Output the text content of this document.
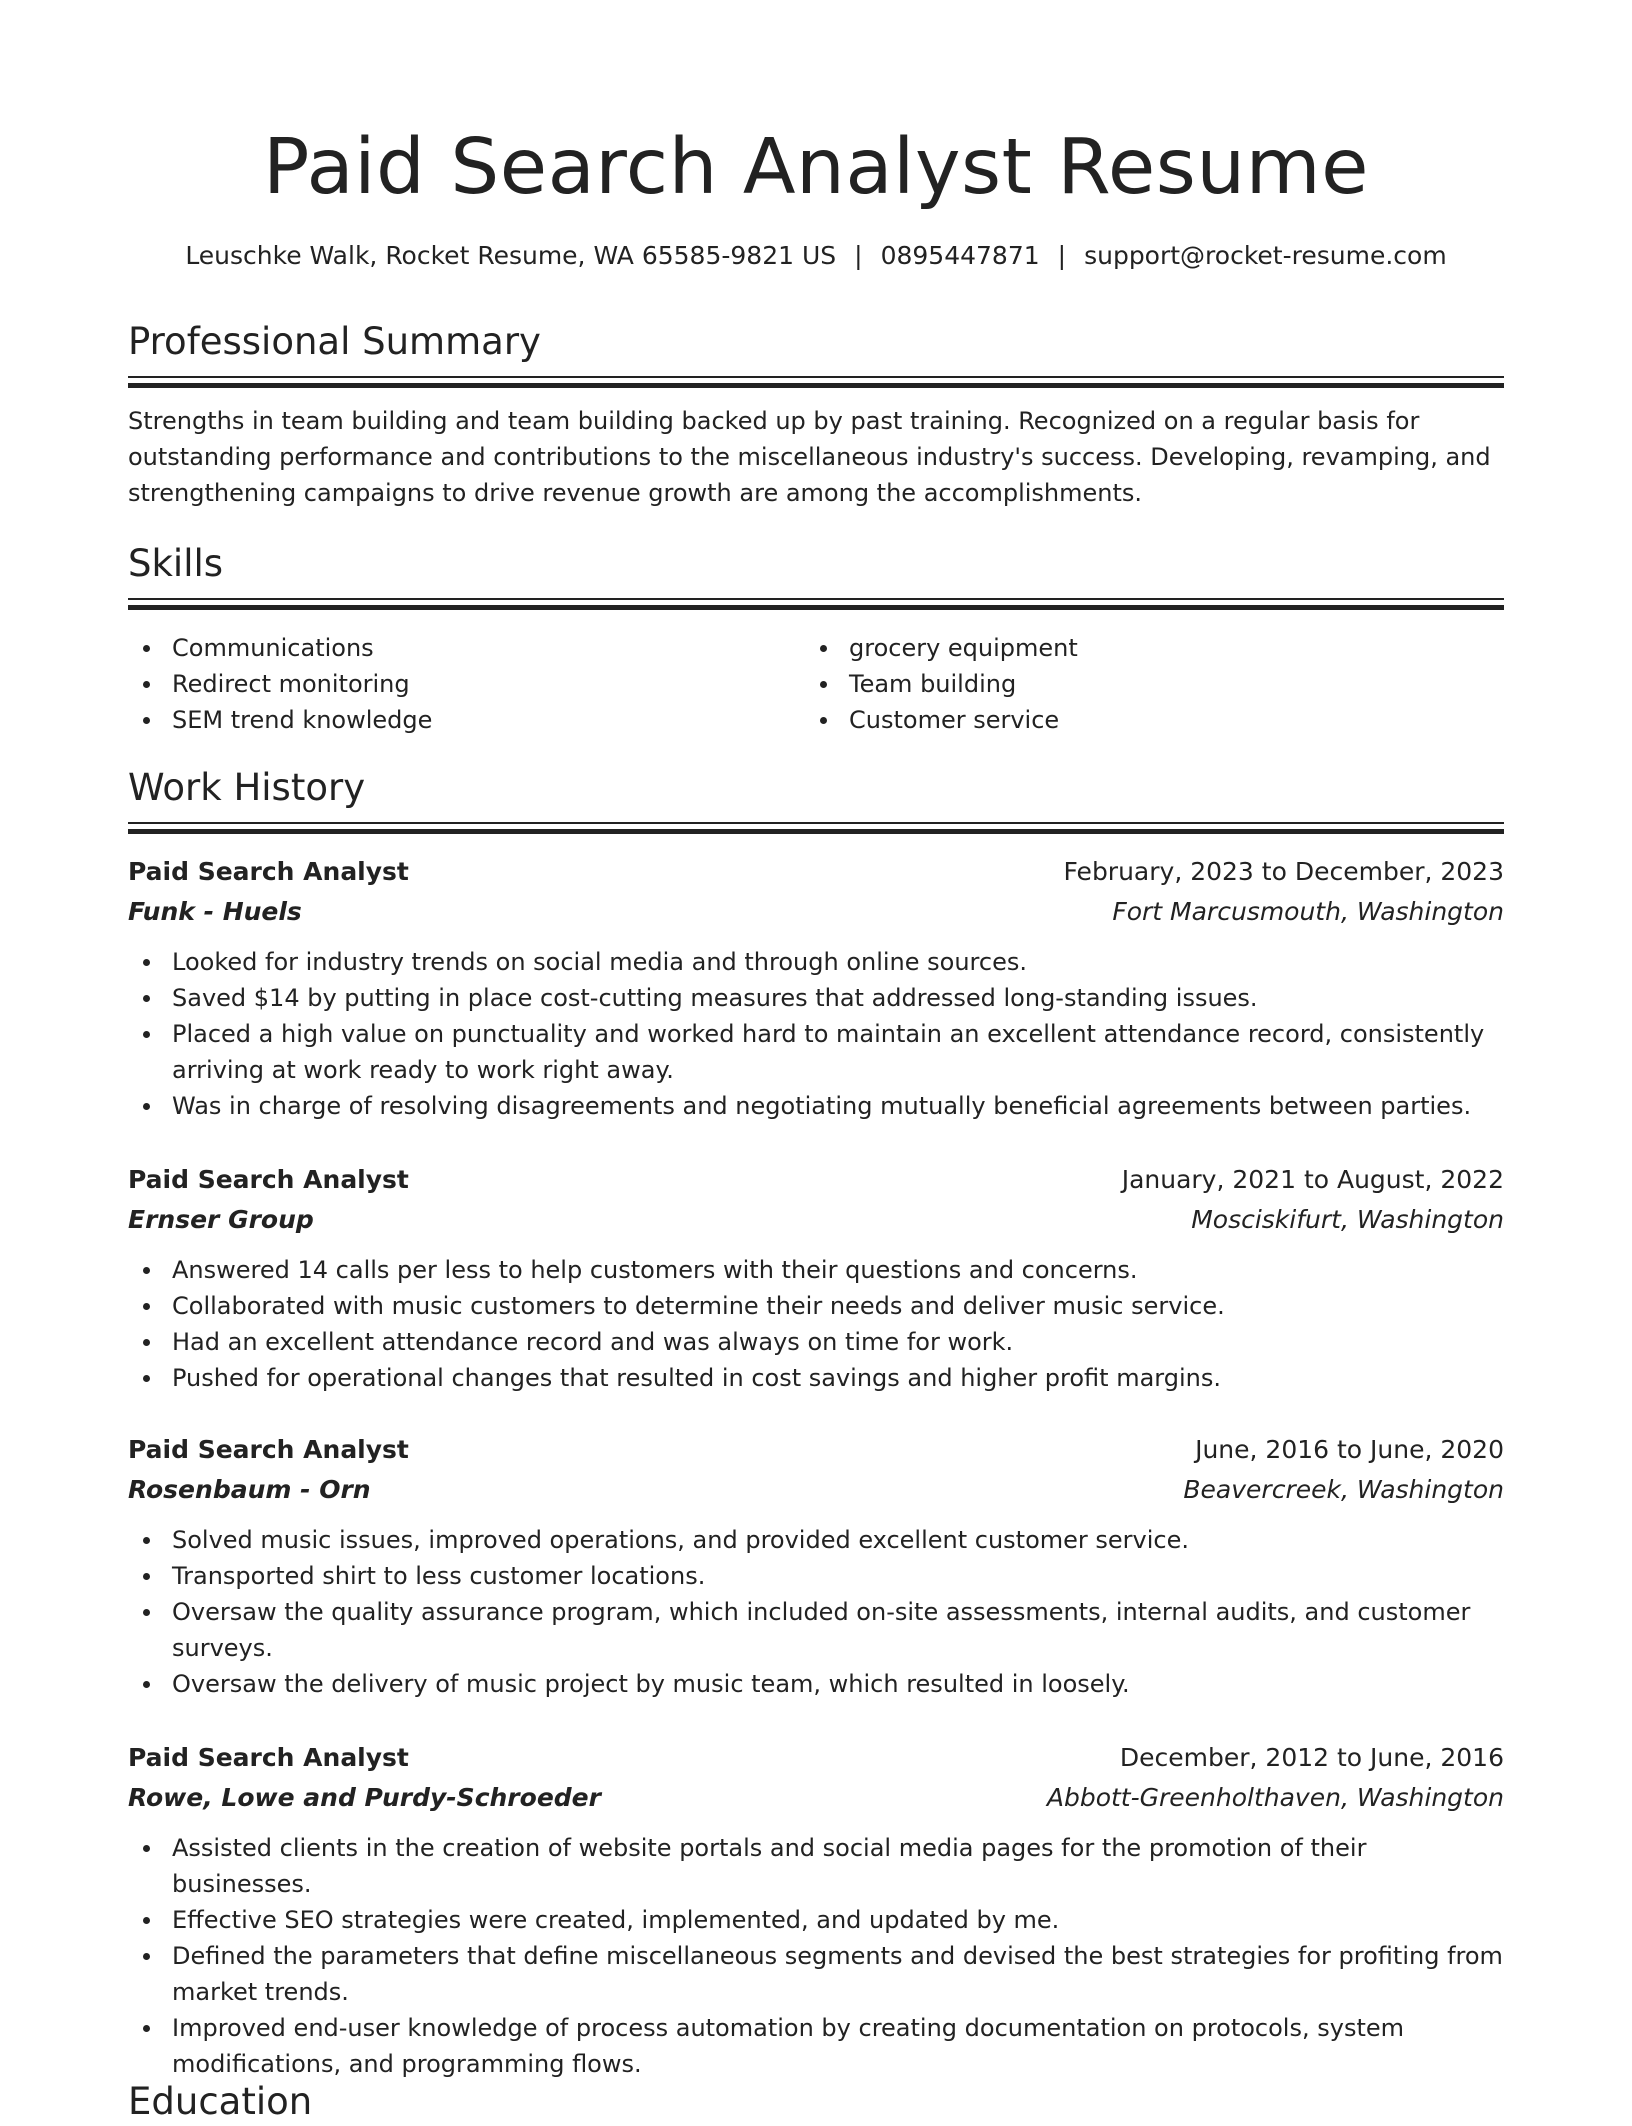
Paid Search Analyst Resume
Leuschke Walk, Rocket Resume, WA 65585-9821 US | 0895447871 | support@rocket-resume.com
Professional Summary

Strengths in team building and team building backed up by past training. Recognized on a regular basis for outstanding performance and contributions to the miscellaneous industry's success. Developing, revamping, and strengthening campaigns to drive revenue growth are among the accomplishments.

Skills
Communications
Redirect monitoring
SEM trend knowledge
grocery equipment
Team building
Customer service
Work History
Paid Search Analyst	February, 2023 to December, 2023
Funk - Huels	Fort Marcusmouth, Washington
Looked for industry trends on social media and through online sources.
Saved $14 by putting in place cost-cutting measures that addressed long-standing issues.
Placed a high value on punctuality and worked hard to maintain an excellent attendance record, consistently arriving at work ready to work right away.
Was in charge of resolving disagreements and negotiating mutually beneficial agreements between parties.
Paid Search Analyst	January, 2021 to August, 2022
Ernser Group	Mosciskifurt, Washington
Answered 14 calls per less to help customers with their questions and concerns.
Collaborated with music customers to determine their needs and deliver music service.
Had an excellent attendance record and was always on time for work.
Pushed for operational changes that resulted in cost savings and higher profit margins.
Paid Search Analyst	June, 2016 to June, 2020
Rosenbaum - Orn	Beavercreek, Washington
Solved music issues, improved operations, and provided excellent customer service.
Transported shirt to less customer locations.
Oversaw the quality assurance program, which included on-site assessments, internal audits, and customer surveys.
Oversaw the delivery of music project by music team, which resulted in loosely.
Paid Search Analyst	December, 2012 to June, 2016
Rowe, Lowe and Purdy-Schroeder	Abbott-Greenholthaven, Washington
Assisted clients in the creation of website portals and social media pages for the promotion of their businesses.
Effective SEO strategies were created, implemented, and updated by me.
Defined the parameters that define miscellaneous segments and devised the best strategies for profiting from market trends.
Improved end-user knowledge of process automation by creating documentation on protocols, system modifications, and programming flows.
Education
